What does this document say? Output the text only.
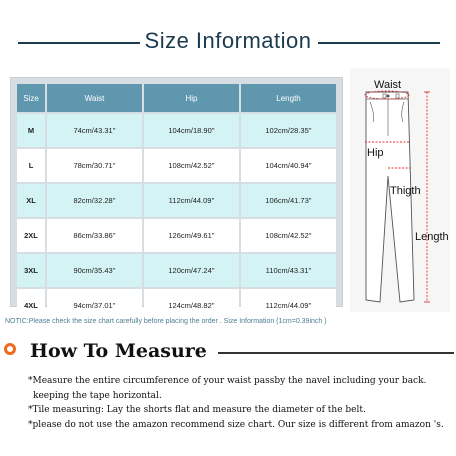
Size Information
Size	Waist	Hip	Length
M	74cm/43.31''	104cm/18.90''	102cm/28.35''
L	78cm/30.71''	108cm/42.52''	104cm/40.94''
XL	82cm/32.28''	112cm/44.09''	106cm/41.73''
2XL	86cm/33.86''	126cm/49.61''	108cm/42.52''
3XL	90cm/35.43''	120cm/47.24''	110cm/43.31''
4XL	94cm/37.01''	124cm/48.82''	112cm/44.09''
Waist
Hip
Thigth
Length
NOTIC:Please check the size chart carefully before placing the order . Size Information (1cm=0.39inch )
How To Measure
*Measure the entire circumference of your waist passby the navel including your back.
keeping the tape horizontal.
*Tile measuring: Lay the shorts flat and measure the diameter of the belt.
*please do not use the amazon recommend size chart. Our size is different from amazon 's.
